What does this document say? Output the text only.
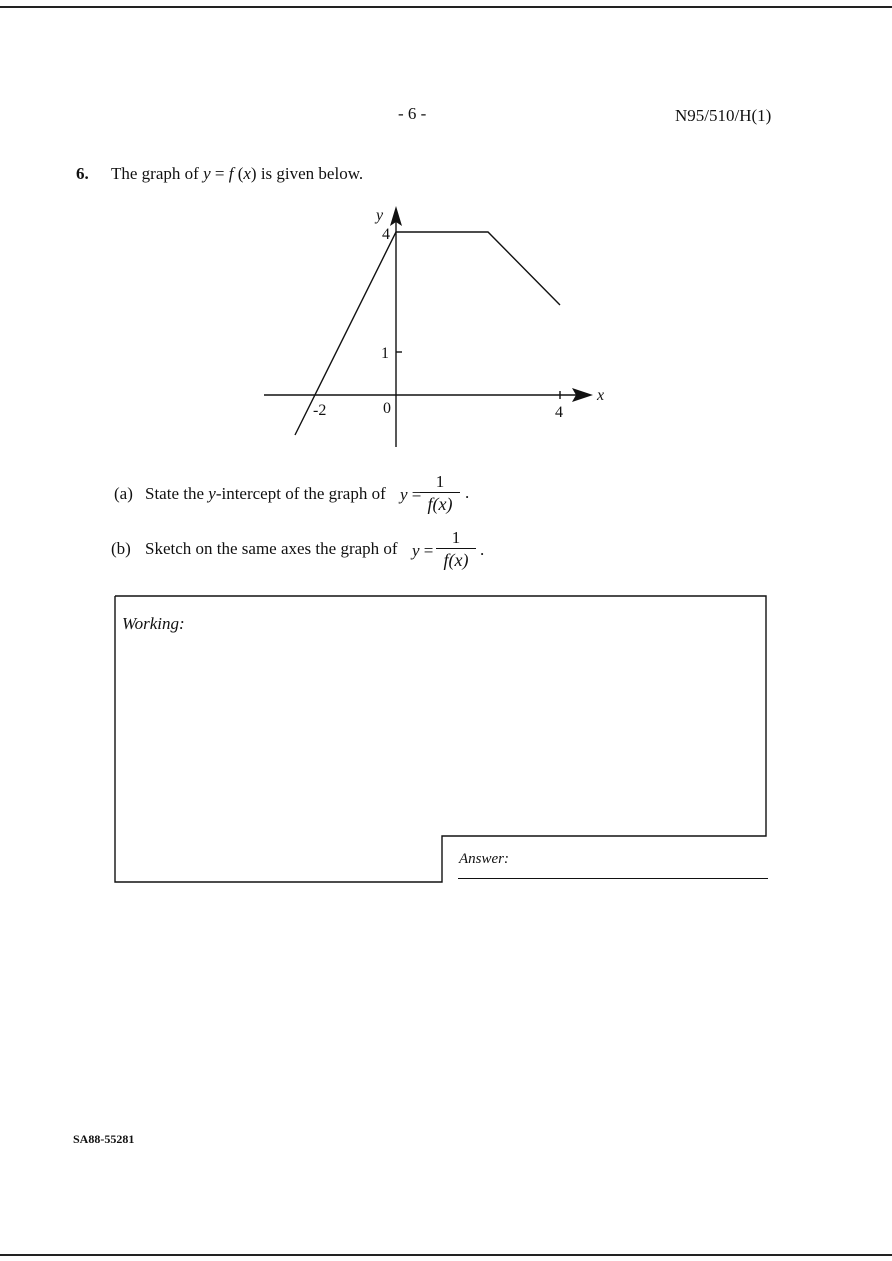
- 6 -	N95/510/H(1)
6. The graph of y = f (x) is given below.
x
y
-2	0	4
1
4
(a) State the y-intercept of the graph of y =
1
f(x)
.
(b) Sketch on the same axes the graph of y =
1
f(x)
.
Working:
Answer:
SA88-55281
